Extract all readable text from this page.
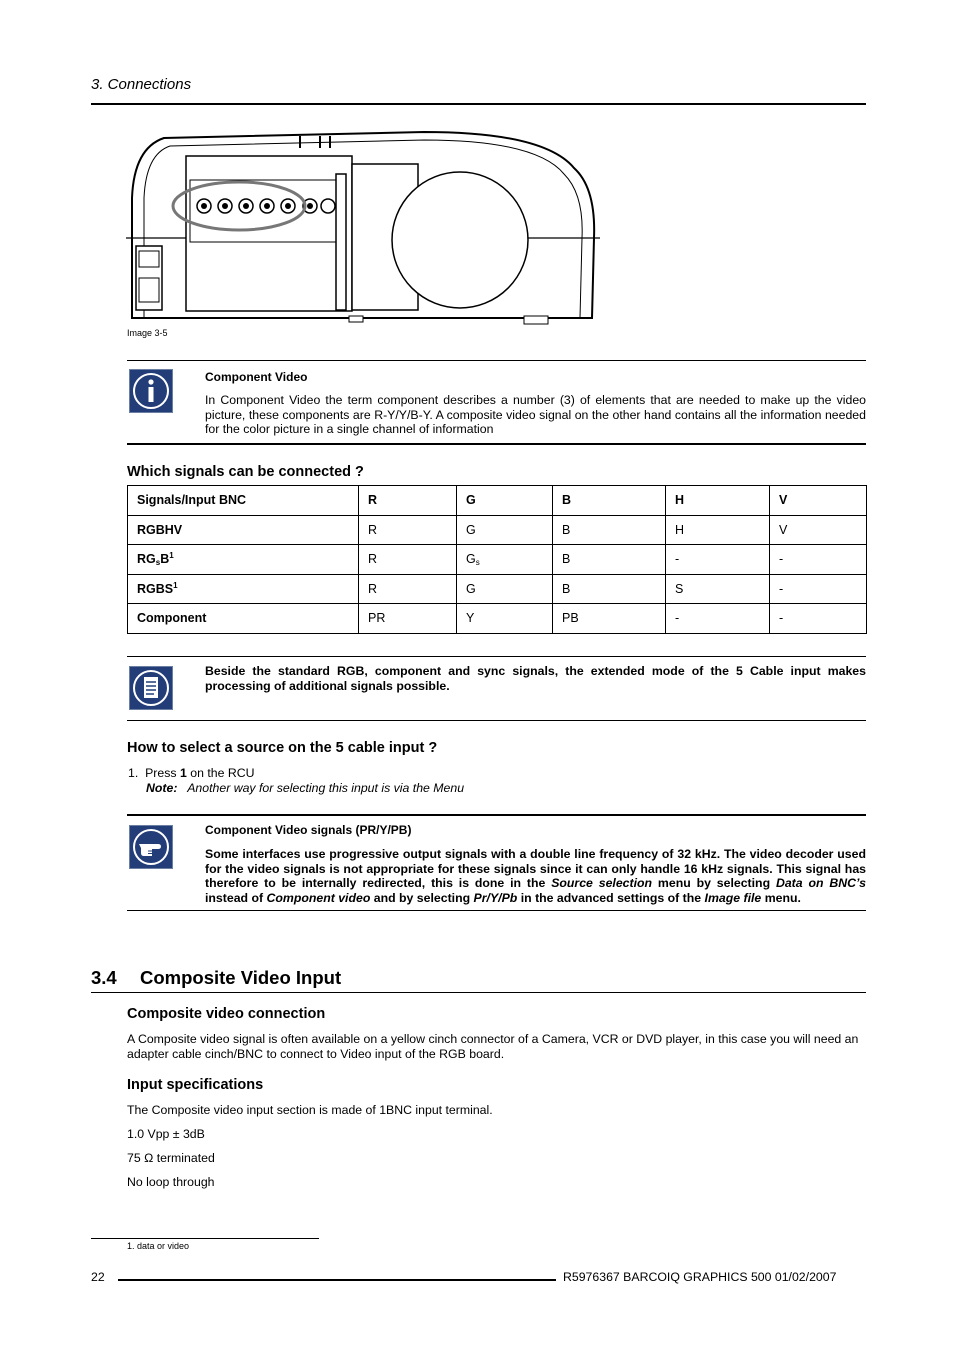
3. Connections
Image 3-5
Component Video
In Component Video the term component describes a number (3) of elements that are needed to make up the video picture, these components are R-Y/Y/B-Y. A composite video signal on the other hand contains all the information needed for the color picture in a single channel of information
Which signals can be connected ?
Signals/Input BNC	R	G	B	H	V
RGBHV	R	G	B	H	V
$RG_sB^1$	R	$G_s$	B	-	-
RGBS$^1$	R	G	B	S	-
Component	PR	Y	PB	-	-
Beside the standard RGB, component and sync signals, the extended mode of the 5 Cable input makes processing of additional signals possible.
How to select a source on the 5 cable input ?
1. Press 1 on the RCU
Note: Another way for selecting this input is via the Menu
Component Video signals (PR/Y/PB)
Some interfaces use progressive output signals with a double line frequency of 32 kHz. The video decoder used for the video signals is not appropriate for these signals since it can only handle 16 kHz signals. This signal has therefore to be internally redirected, this is done in the Source selection menu by selecting Data on BNC’s instead of Component video and by selecting Pr/Y/Pb in the advanced settings of the Image file menu.
3.4 Composite Video Input
Composite video connection
A Composite video signal is often available on a yellow cinch connector of a Camera, VCR or DVD player, in this case you will need an adapter cable cinch/BNC to connect to Video input of the RGB board.
Input specifications
The Composite video input section is made of 1BNC input terminal.
1.0 Vpp ± 3dB
75 Ω terminated
No loop through
1. data or video
22	R5976367 BARCOIQ GRAPHICS 500 01/02/2007
